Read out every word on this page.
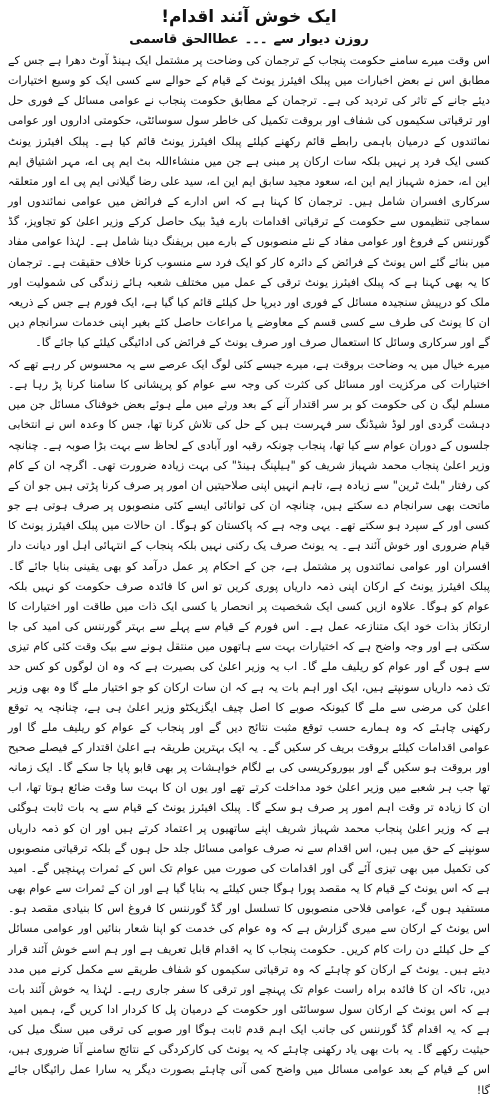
ایک خوش آئند اقدام!
روزن دیوار سے۔۔۔عطاالحق قاسمی

اس وقت میرے سامنے حکومت پنجاب کے ترجمان کی وضاحت پر مشتمل ایک ہینڈ آوٹ دھرا ہے جس کے مطابق اس نے بعض اخبارات میں پبلک افیئرز یونٹ کے قیام کے حوالے سے کسی ایک کو وسیع اختیارات دیئے جانے کے تاثر کی تردید کی ہے۔ ترجمان کے مطابق حکومت پنجاب نے عوامی مسائل کے فوری حل اور ترقیاتی سکیموں کی شفاف اور بروقت تکمیل کی خاطر سول سوسائٹی، حکومتی اداروں اور عوامی نمائندوں کے درمیان باہمی رابطے قائم رکھنے کیلئے پبلک افیئرز یونٹ قائم کیا ہے۔ پبلک افیئرز یونٹ کسی ایک فرد پر نہیں بلکہ سات ارکان پر مبنی ہے جن میں منشاءاللہ بٹ ایم پی اے، مہر اشتیاق ایم این اے، حمزہ شہباز ایم این اے، سعود مجید سابق ایم این اے، سید علی رضا گیلانی ایم پی اے اور متعلقہ سرکاری افسران شامل ہیں۔ ترجمان کا کہنا ہے کہ اس ادارے کے فرائض میں عوامی نمائندوں اور سماجی تنظیموں سے حکومت کے ترقیاتی اقدامات بارے فیڈ بیک حاصل کرکے وزیر اعلیٰ کو تجاویز، گڈ گورننس کے فروغ اور عوامی مفاد کے نئے منصوبوں کے بارے میں بریفنگ دینا شامل ہے۔ لہٰذا عوامی مفاد میں بنائے گئے اس یونٹ کے فرائض کے دائرہ کار کو ایک فرد سے منسوب کرنا خلاف حقیقت ہے۔ ترجمان کا یہ بھی کہنا ہے کہ پبلک افیئرز یونٹ ترقی کے عمل میں مختلف شعبہ ہائے زندگی کی شمولیت اور ملک کو درپیش سنجیدہ مسائل کے فوری اور دیرپا حل کیلئے قائم کیا گیا ہے، ایک فورم ہے جس کے ذریعہ ان کا یونٹ کی طرف سے کسی قسم کے معاوضے یا مراعات حاصل کئے بغیر اپنی خدمات سرانجام دیں گے اور سرکاری وسائل کا استعمال صرف اور صرف یونٹ کے فرائض کی ادائیگی کیلئے کیا جائے گا۔

میرے خیال میں یہ وضاحت بروقت ہے، میرے جیسے کئی لوگ ایک عرصے سے یہ محسوس کر رہے تھے کہ اختیارات کی مرکزیت اور مسائل کی کثرت کی وجہ سے عوام کو پریشانی کا سامنا کرنا پڑ رہا ہے۔ مسلم لیگ ن کی حکومت کو بر سر اقتدار آنے کے بعد ورثے میں ملے ہوئے بعض خوفناک مسائل جن میں دہشت گردی اور لوڈ شیڈنگ سر فہرست ہیں کے حل کی تلاش کرنا تھا، جس کا وعدہ اس نے انتخابی جلسوں کے دوران عوام سے کیا تھا، پنجاب چونکہ رقبہ اور آبادی کے لحاظ سے بہت بڑا صوبہ ہے۔ چنانچہ وزیر اعلیٰ پنجاب محمد شہباز شریف کو "ہیلپنگ ہینڈ" کی بہت زیادہ ضرورت تھی۔ اگرچہ ان کے کام کی رفتار "بلٹ ٹرین" سے زیادہ ہے، تاہم انہیں اپنی صلاحیتیں ان امور پر صرف کرنا پڑتی ہیں جو ان کے ماتحت بھی سرانجام دے سکتے ہیں، چنانچہ ان کی توانائی ایسے کئی منصوبوں پر صرف ہوتی ہے جو کسی اور کے سپرد ہو سکتے تھے۔ یہی وجہ ہے کہ پاکستان کو ہوگا۔ ان حالات میں پبلک افیئرز یونٹ کا قیام ضروری اور خوش آئند ہے۔ یہ یونٹ صرف یک رکنی نہیں بلکہ پنجاب کے انتہائی اہل اور دیانت دار افسران اور عوامی نمائندوں پر مشتمل ہے، جن کے احکام پر عمل درآمد کو بھی یقینی بنایا جائے گا۔ پبلک افیئرز یونٹ کے ارکان اپنی ذمہ داریاں پوری کریں تو اس کا فائدہ صرف حکومت کو نہیں بلکہ عوام کو ہوگا۔ علاوہ ازیں کسی ایک شخصیت پر انحصار یا کسی ایک ذات میں طاقت اور اختیارات کا ارتکاز بذات خود ایک متنازعہ عمل ہے۔ اس فورم کے قیام سے پہلے سے بہتر گورننس کی امید کی جا سکتی ہے اور وجہ واضح ہے کہ اختیارات بہت سے ہاتھوں میں منتقل ہونے سے بیک وقت کئی کام تیزی سے ہوں گے اور عوام کو ریلیف ملے گا۔ اب یہ وزیر اعلیٰ کی بصیرت ہے کہ وہ ان لوگوں کو کس حد تک ذمہ داریاں سونپتے ہیں، ایک اور اہم بات یہ ہے کہ ان سات ارکان کو جو اختیار ملے گا وہ بھی وزیر اعلیٰ کی مرضی سے ملے گا کیونکہ صوبے کا اصل چیف ایگزیکٹو وزیر اعلیٰ ہی ہے، چنانچہ یہ توقع رکھنی چاہئے کہ وہ ہمارے حسب توقع مثبت نتائج دیں گے اور پنجاب کے عوام کو ریلیف ملے گا اور عوامی اقدامات کیلئے بروقت بریف کر سکیں گے۔ یہ ایک بہترین طریقہ ہے اعلیٰ اقتدار کے فیصلے صحیح اور بروقت ہو سکیں گے اور بیوروکریسی کی بے لگام خواہشات پر بھی قابو پایا جا سکے گا۔ ایک زمانہ تھا جب ہر شعبے میں وزیر اعلیٰ خود مداخلت کرتے تھے اور یوں ان کا بہت سا وقت ضائع ہوتا تھا، اب ان کا زیادہ تر وقت اہم امور پر صرف ہو سکے گا۔ پبلک افیئرز یونٹ کے قیام سے یہ بات ثابت ہوگئی ہے کہ وزیر اعلیٰ پنجاب محمد شہباز شریف اپنے ساتھیوں پر اعتماد کرتے ہیں اور ان کو ذمہ داریاں سونپنے کے حق میں ہیں، اس اقدام سے نہ صرف عوامی مسائل جلد حل ہوں گے بلکہ ترقیاتی منصوبوں کی تکمیل میں بھی تیزی آئے گی اور اقدامات کی صورت میں عوام تک اس کے ثمرات پہنچیں گے۔ امید ہے کہ اس یونٹ کے قیام کا یہ مقصد پورا ہوگا جس کیلئے یہ بنایا گیا ہے اور ان کے ثمرات سے عوام بھی مستفید ہوں گے، عوامی فلاحی منصوبوں کا تسلسل اور گڈ گورننس کا فروغ اس کا بنیادی مقصد ہو۔ اس یونٹ کے ارکان سے میری گزارش ہے کہ وہ عوام کی خدمت کو اپنا شعار بنائیں اور عوامی مسائل کے حل کیلئے دن رات کام کریں۔ حکومت پنجاب کا یہ اقدام قابل تعریف ہے اور ہم اسے خوش آئند قرار دیتے ہیں۔ یونٹ کے ارکان کو چاہئے کہ وہ ترقیاتی سکیموں کو شفاف طریقے سے مکمل کرنے میں مدد دیں، تاکہ ان کا فائدہ براہ راست عوام تک پہنچے اور ترقی کا سفر جاری رہے۔ لہٰذا یہ خوش آئند بات ہے کہ اس یونٹ کے ارکان سول سوسائٹی اور حکومت کے درمیان پل کا کردار ادا کریں گے، ہمیں امید ہے کہ یہ اقدام گڈ گورننس کی جانب ایک اہم قدم ثابت ہوگا اور صوبے کی ترقی میں سنگ میل کی حیثیت رکھے گا۔ یہ بات بھی یاد رکھنی چاہئے کہ یہ یونٹ کی کارکردگی کے نتائج سامنے آنا ضروری ہیں، اس کے قیام کے بعد عوامی مسائل میں واضح کمی آنی چاہئے بصورت دیگر یہ سارا عمل رائیگاں جائے گا!
